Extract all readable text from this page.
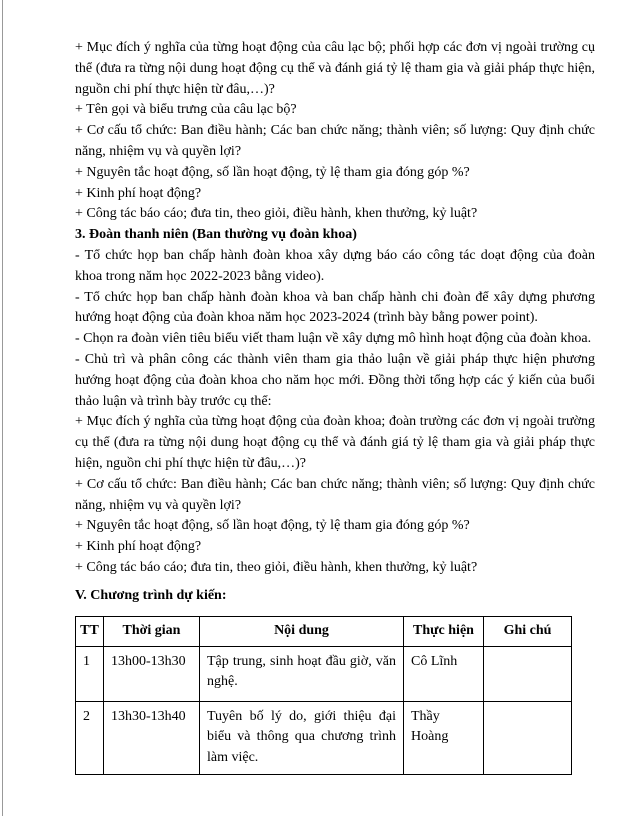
+ Mục đích ý nghĩa của từng hoạt động của câu lạc bộ; phối hợp các đơn vị ngoài trường cụ thể (đưa ra từng nội dung hoạt động cụ thể và đánh giá tỷ lệ tham gia và giải pháp thực hiện, nguồn chi phí thực hiện từ đâu,…)?

+ Tên gọi và biểu trưng của câu lạc bộ?

+ Cơ cấu tổ chức: Ban điều hành; Các ban chức năng; thành viên; số lượng: Quy định chức năng, nhiệm vụ và quyền lợi?

+ Nguyên tắc hoạt động, số lần hoạt động, tỷ lệ tham gia đóng góp %?

+ Kinh phí hoạt động?

+ Công tác báo cáo; đưa tin, theo giỏi, điều hành, khen thưởng, kỷ luật?

3. Đoàn thanh niên (Ban thường vụ đoàn khoa)

- Tổ chức họp ban chấp hành đoàn khoa xây dựng báo cáo công tác doạt động của đoàn khoa trong năm học 2022-2023 bằng video).

- Tổ chức họp ban chấp hành đoàn khoa và ban chấp hành chi đoàn để xây dựng phương hướng hoạt động của đoàn khoa năm học 2023-2024 (trình bày bằng power point).

- Chọn ra đoàn viên tiêu biểu viết tham luận về xây dựng mô hình hoạt động của đoàn khoa.

- Chủ trì và phân công các thành viên tham gia thảo luận về giải pháp thực hiện phương hướng hoạt động của đoàn khoa cho năm học mới. Đồng thời tổng hợp các ý kiến của buổi thảo luận và trình bày trước cụ thể:

+ Mục đích ý nghĩa của từng hoạt động của đoàn khoa; đoàn trường các đơn vị ngoài trường cụ thể (đưa ra từng nội dung hoạt động cụ thể và đánh giá tỷ lệ tham gia và giải pháp thực hiện, nguồn chi phí thực hiện từ đâu,…)?

+ Cơ cấu tổ chức: Ban điều hành; Các ban chức năng; thành viên; số lượng: Quy định chức năng, nhiệm vụ và quyền lợi?

+ Nguyên tắc hoạt động, số lần hoạt động, tỷ lệ tham gia đóng góp %?

+ Kinh phí hoạt động?

+ Công tác báo cáo; đưa tin, theo giỏi, điều hành, khen thưởng, kỷ luật?

V. Chương trình dự kiến:

TT	Thời gian	Nội dung	Thực hiện	Ghi chú
1	13h00-13h30	Tập trung, sinh hoạt đầu giờ, văn nghệ.	Cô Lĩnh	
2	13h30-13h40	Tuyên bố lý do, giới thiệu đại biểu và thông qua chương trình làm việc.	Thầy Hoàng	
